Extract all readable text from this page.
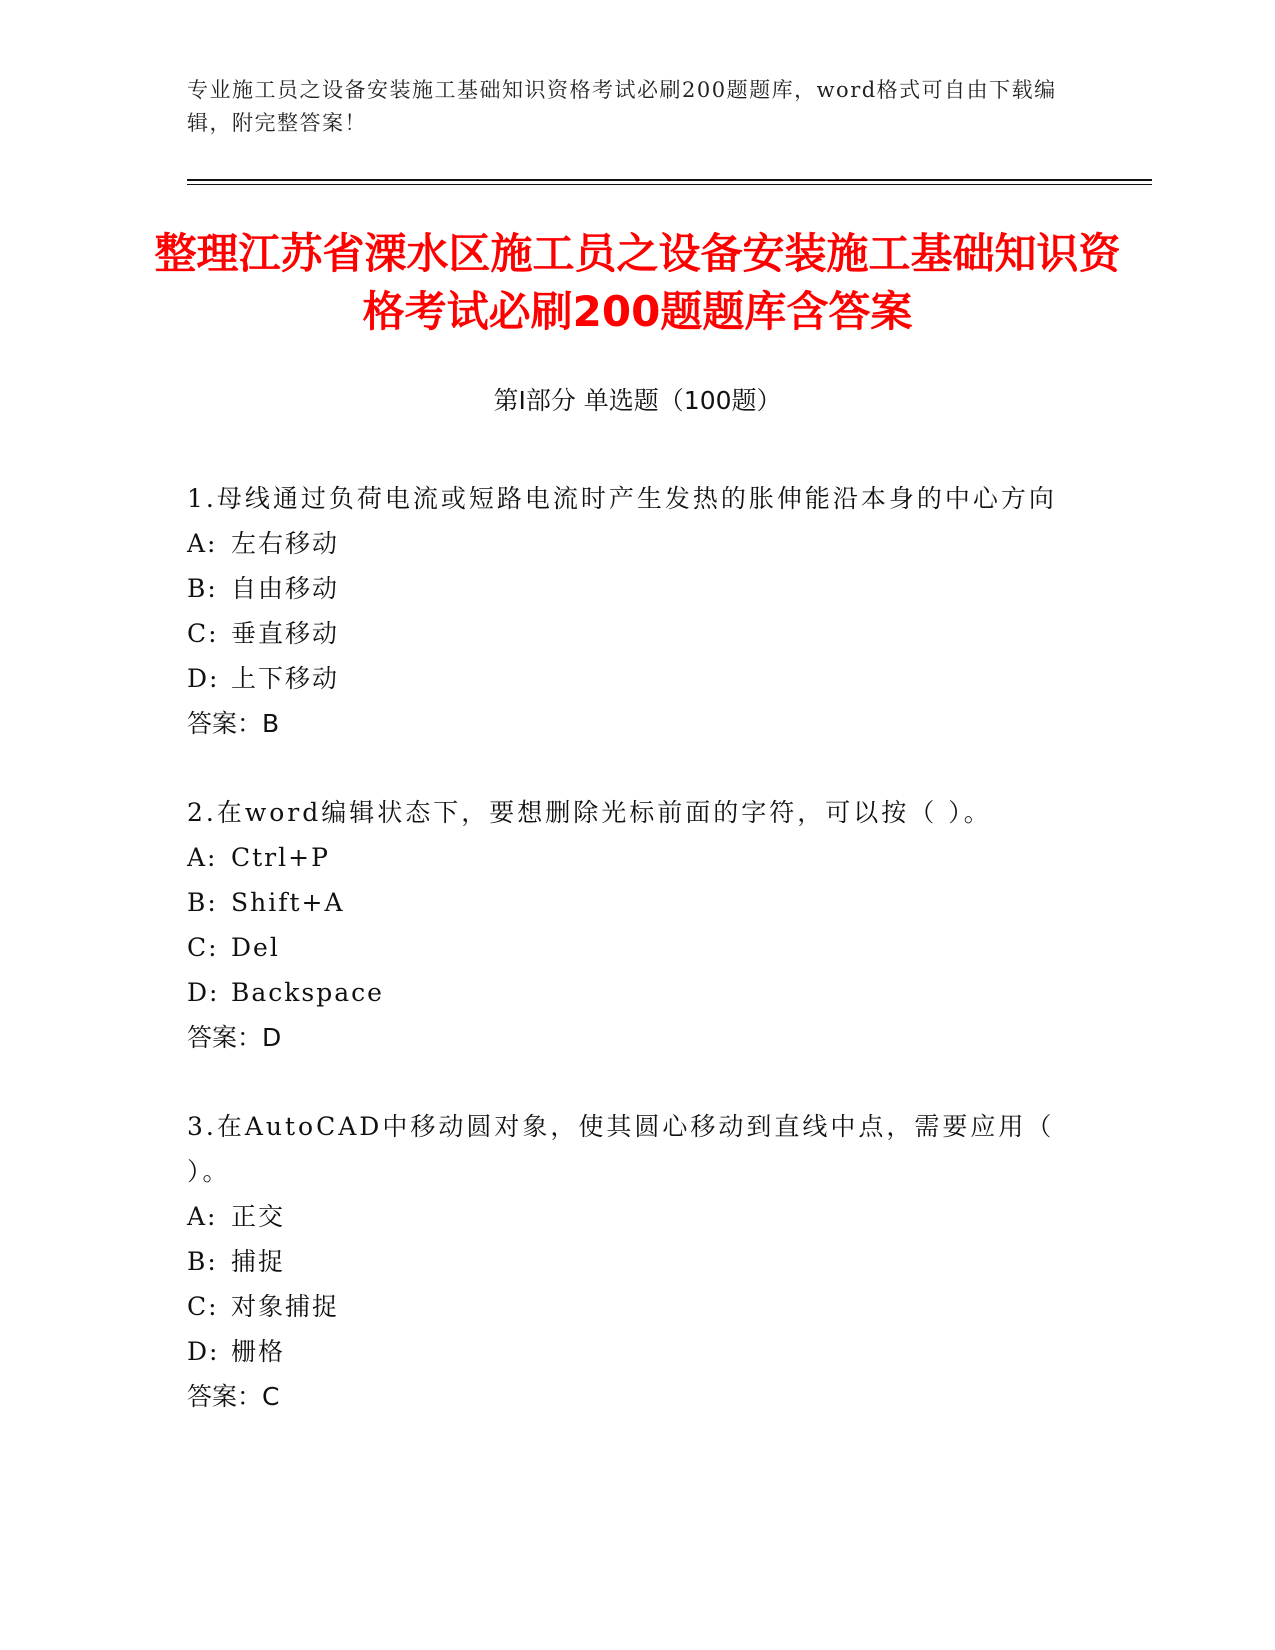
专业施工员之设备安装施工基础知识资格考试必刷200题题库，word格式可自由下载编辑，附完整答案！
整理江苏省溧水区施工员之设备安装施工基础知识资格考试必刷200题题库含答案
第Ⅰ部分 单选题（100题）

1.母线通过负荷电流或短路电流时产生发热的胀伸能沿本身的中心方向

A: 左右移动

B: 自由移动

C: 垂直移动

D: 上下移动

答案：B

2.在word编辑状态下，要想删除光标前面的字符，可以按（ ）。

A: Ctrl+P

B: Shift+A

C: Del

D: Backspace

答案：D

3.在AutoCAD中移动圆对象，使其圆心移动到直线中点，需要应用（ ）。

A: 正交

B: 捕捉

C: 对象捕捉

D: 栅格

答案：C
